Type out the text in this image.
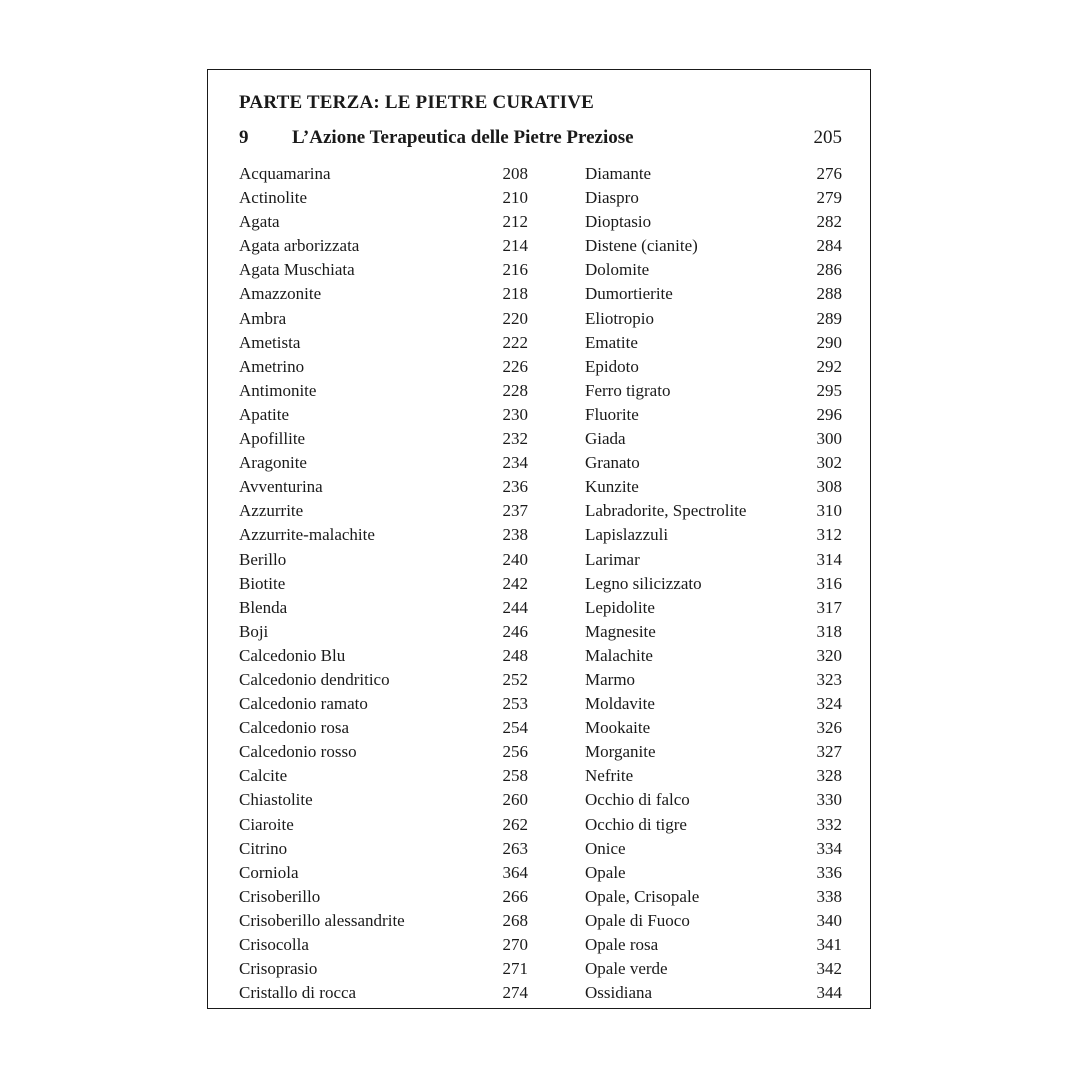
PARTE TERZA: LE PIETRE CURATIVE
9 L’Azione Terapeutica delle Pietre Preziose	205
Acquamarina	208
Actinolite	210
Agata	212
Agata arborizzata	214
Agata Muschiata	216
Amazzonite	218
Ambra	220
Ametista	222
Ametrino	226
Antimonite	228
Apatite	230
Apofillite	232
Aragonite	234
Avventurina	236
Azzurrite	237
Azzurrite-malachite	238
Berillo	240
Biotite	242
Blenda	244
Boji	246
Calcedonio Blu	248
Calcedonio dendritico	252
Calcedonio ramato	253
Calcedonio rosa	254
Calcedonio rosso	256
Calcite	258
Chiastolite	260
Ciaroite	262
Citrino	263
Corniola	364
Crisoberillo	266
Crisoberillo alessandrite	268
Crisocolla	270
Crisoprasio	271
Cristallo di rocca	274
Diamante	276
Diaspro	279
Dioptasio	282
Distene (cianite)	284
Dolomite	286
Dumortierite	288
Eliotropio	289
Ematite	290
Epidoto	292
Ferro tigrato	295
Fluorite	296
Giada	300
Granato	302
Kunzite	308
Labradorite, Spectrolite	310
Lapislazzuli	312
Larimar	314
Legno silicizzato	316
Lepidolite	317
Magnesite	318
Malachite	320
Marmo	323
Moldavite	324
Mookaite	326
Morganite	327
Nefrite	328
Occhio di falco	330
Occhio di tigre	332
Onice	334
Opale	336
Opale, Crisopale	338
Opale di Fuoco	340
Opale rosa	341
Opale verde	342
Ossidiana	344
